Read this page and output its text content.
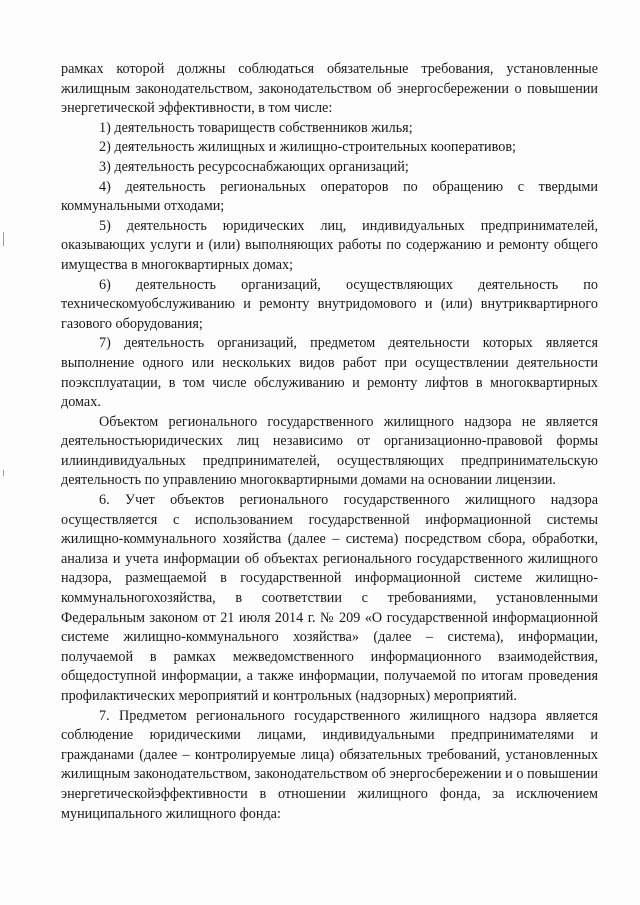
рамках которой должны соблюдаться обязательные требования, установленные жилищным законодательством, законодательством об энергосбережении о повышении энергетической эффективности, в том числе:

1) деятельность товариществ собственников жилья;

2) деятельность жилищных и жилищно-строительных кооперативов;

3) деятельность ресурсоснабжающих организаций;

4) деятельность региональных операторов по обращению с твердыми коммунальными отходами;

5) деятельность юридических лиц, индивидуальных предпринимателей, оказывающих услуги и (или) выполняющих работы по содержанию и ремонту общего имущества в многоквартирных домах;

6) деятельность организаций, осуществляющих деятельность по техническомуобслуживанию и ремонту внутридомового и (или) внутриквартирного газового оборудования;

7) деятельность организаций, предметом деятельности которых является выполнение одного или нескольких видов работ при осуществлении деятельности поэксплуатации, в том числе обслуживанию и ремонту лифтов в многоквартирных домах.

Объектом регионального государственного жилищного надзора не является деятельностьюридических лиц независимо от организационно-правовой формы илииндивидуальных предпринимателей, осуществляющих предпринимательскую деятельность по управлению многоквартирными домами на основании лицензии.

6. Учет объектов регионального государственного жилищного надзора осуществляется с использованием государственной информационной системы жилищно-коммунального хозяйства (далее – система) посредством сбора, обработки, анализа и учета информации об объектах регионального государственного жилищного надзора, размещаемой в государственной информационной системе жилищно-коммунальногохозяйства, в соответствии с требованиями, установленными Федеральным законом от 21 июля 2014 г. № 209 «О государственной информационной системе жилищно-коммунального хозяйства» (далее – система), информации, получаемой в рамках межведомственного информационного взаимодействия, общедоступной информации, а также информации, получаемой по итогам проведения профилактических мероприятий и контрольных (надзорных) мероприятий.

7. Предметом регионального государственного жилищного надзора является соблюдение юридическими лицами, индивидуальными предпринимателями и гражданами (далее – контролируемые лица) обязательных требований, установленных жилищным законодательством, законодательством об энергосбережении и о повышении энергетическойэффективности в отношении жилищного фонда, за исключением муниципального жилищного фонда:
